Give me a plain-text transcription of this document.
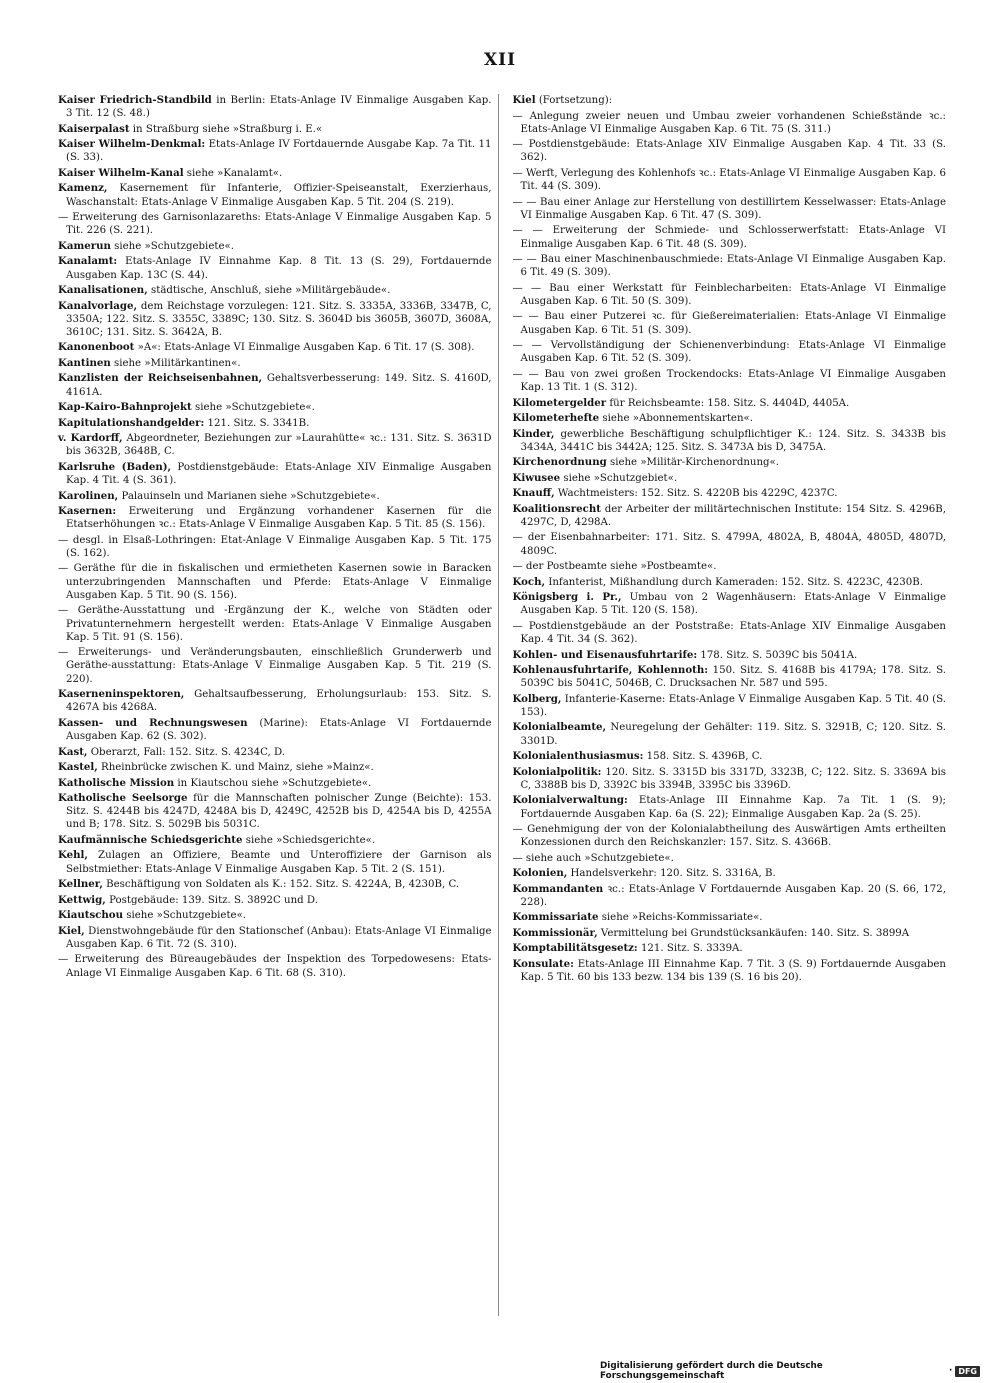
XII
Kaiser Friedrich-Standbild in Berlin: Etats-Anlage IV Einmalige Ausgaben Kap. 3 Tit. 12 (S. 48.)
Kaiserpalast in Straßburg siehe »Straßburg i. E.«
Kaiser Wilhelm-Denkmal: Etats-Anlage IV Fortdauernde Ausgabe Kap. 7a Tit. 11 (S. 33).
Kaiser Wilhelm-Kanal siehe »Kanalamt«.
Kamenz, Kasernement für Infanterie, Offizier-Speiseanstalt, Exerzierhaus, Waschanstalt: Etats-Anlage V Einmalige Ausgaben Kap. 5 Tit. 204 (S. 219).
— Erweiterung des Garnisonlazareths: Etats-Anlage V Einmalige Ausgaben Kap. 5 Tit. 226 (S. 221).
Kamerun siehe »Schutzgebiete«.
Kanalamt: Etats-Anlage IV Einnahme Kap. 8 Tit. 13 (S. 29), Fortdauernde Ausgaben Kap. 13C (S. 44).
Kanalisationen, städtische, Anschluß, siehe »Militärgebäude«.
Kanalvorlage, dem Reichstage vorzulegen: 121. Sitz. S. 3335A, 3336B, 3347B, C, 3350A; 122. Sitz. S. 3355C, 3389C; 130. Sitz. S. 3604D bis 3605B, 3607D, 3608A, 3610C; 131. Sitz. S. 3642A, B.
Kanonenboot »A«: Etats-Anlage VI Einmalige Ausgaben Kap. 6 Tit. 17 (S. 308).
Kantinen siehe »Militärkantinen«.
Kanzlisten der Reichseisenbahnen, Gehaltsverbesserung: 149. Sitz. S. 4160D, 4161A.
Kap-Kairo-Bahnprojekt siehe »Schutzgebiete«.
Kapitulationshandgelder: 121. Sitz. S. 3341B.
v. Kardorff, Abgeordneter, Beziehungen zur »Laurahütte« ꝛc.: 131. Sitz. S. 3631D bis 3632B, 3648B, C.
Karlsruhe (Baden), Postdienstgebäude: Etats-Anlage XIV Einmalige Ausgaben Kap. 4 Tit. 4 (S. 361).
Karolinen, Palauinseln und Marianen siehe »Schutzgebiete«.
Kasernen: Erweiterung und Ergänzung vorhandener Kasernen für die Etatserhöhungen ꝛc.: Etats-Anlage V Einmalige Ausgaben Kap. 5 Tit. 85 (S. 156).
— desgl. in Elsaß-Lothringen: Etat-Anlage V Einmalige Ausgaben Kap. 5 Tit. 175 (S. 162).
— Geräthe für die in fiskalischen und ermietheten Kasernen sowie in Baracken unterzubringenden Mannschaften und Pferde: Etats-Anlage V Einmalige Ausgaben Kap. 5 Tit. 90 (S. 156).
— Geräthe-Ausstattung und -Ergänzung der K., welche von Städten oder Privatunternehmern hergestellt werden: Etats-Anlage V Einmalige Ausgaben Kap. 5 Tit. 91 (S. 156).
— Erweiterungs- und Veränderungsbauten, einschließlich Grunderwerb und Geräthe-ausstattung: Etats-Anlage V Einmalige Ausgaben Kap. 5 Tit. 219 (S. 220).
Kaserneninspektoren, Gehaltsaufbesserung, Erholungsurlaub: 153. Sitz. S. 4267A bis 4268A.
Kassen- und Rechnungswesen (Marine): Etats-Anlage VI Fortdauernde Ausgaben Kap. 62 (S. 302).
Kast, Oberarzt, Fall: 152. Sitz. S. 4234C, D.
Kastel, Rheinbrücke zwischen K. und Mainz, siehe »Mainz«.
Katholische Mission in Kiautschou siehe »Schutzgebiete«.
Katholische Seelsorge für die Mannschaften polnischer Zunge (Beichte): 153. Sitz. S. 4244B bis 4247D, 4248A bis D, 4249C, 4252B bis D, 4254A bis D, 4255A und B; 178. Sitz. S. 5029B bis 5031C.
Kaufmännische Schiedsgerichte siehe »Schiedsgerichte«.
Kehl, Zulagen an Offiziere, Beamte und Unteroffiziere der Garnison als Selbstmiether: Etats-Anlage V Einmalige Ausgaben Kap. 5 Tit. 2 (S. 151).
Kellner, Beschäftigung von Soldaten als K.: 152. Sitz. S. 4224A, B, 4230B, C.
Kettwig, Postgebäude: 139. Sitz. S. 3892C und D.
Kiautschou siehe »Schutzgebiete«.
Kiel, Dienstwohngebäude für den Stationschef (Anbau): Etats-Anlage VI Einmalige Ausgaben Kap. 6 Tit. 72 (S. 310).
— Erweiterung des Büreaugebäudes der Inspektion des Torpedowesens: Etats-Anlage VI Einmalige Ausgaben Kap. 6 Tit. 68 (S. 310).
Kiel (Fortsetzung):
— Anlegung zweier neuen und Umbau zweier vorhandenen Schießstände ꝛc.: Etats-Anlage VI Einmalige Ausgaben Kap. 6 Tit. 75 (S. 311.)
— Postdienstgebäude: Etats-Anlage XIV Einmalige Ausgaben Kap. 4 Tit. 33 (S. 362).
— Werft, Verlegung des Kohlenhofs ꝛc.: Etats-Anlage VI Einmalige Ausgaben Kap. 6 Tit. 44 (S. 309).
— — Bau einer Anlage zur Herstellung von destillirtem Kesselwasser: Etats-Anlage VI Einmalige Ausgaben Kap. 6 Tit. 47 (S. 309).
— — Erweiterung der Schmiede- und Schlosserwerfstatt: Etats-Anlage VI Einmalige Ausgaben Kap. 6 Tit. 48 (S. 309).
— — Bau einer Maschinenbauschmiede: Etats-Anlage VI Einmalige Ausgaben Kap. 6 Tit. 49 (S. 309).
— — Bau einer Werkstatt für Feinblecharbeiten: Etats-Anlage VI Einmalige Ausgaben Kap. 6 Tit. 50 (S. 309).
— — Bau einer Putzerei ꝛc. für Gießereimaterialien: Etats-Anlage VI Einmalige Ausgaben Kap. 6 Tit. 51 (S. 309).
— — Vervollständigung der Schienenverbindung: Etats-Anlage VI Einmalige Ausgaben Kap. 6 Tit. 52 (S. 309).
— — Bau von zwei großen Trockendocks: Etats-Anlage VI Einmalige Ausgaben Kap. 13 Tit. 1 (S. 312).
Kilometergelder für Reichsbeamte: 158. Sitz. S. 4404D, 4405A.
Kilometerhefte siehe »Abonnementskarten«.
Kinder, gewerbliche Beschäftigung schulpflichtiger K.: 124. Sitz. S. 3433B bis 3434A, 3441C bis 3442A; 125. Sitz. S. 3473A bis D, 3475A.
Kirchenordnung siehe »Militär-Kirchenordnung«.
Kiwusee siehe »Schutzgebiet«.
Knauff, Wachtmeisters: 152. Sitz. S. 4220B bis 4229C, 4237C.
Koalitionsrecht der Arbeiter der militärtechnischen Institute: 154 Sitz. S. 4296B, 4297C, D, 4298A.
— der Eisenbahnarbeiter: 171. Sitz. S. 4799A, 4802A, B, 4804A, 4805D, 4807D, 4809C.
— der Postbeamte siehe »Postbeamte«.
Koch, Infanterist, Mißhandlung durch Kameraden: 152. Sitz. S. 4223C, 4230B.
Königsberg i. Pr., Umbau von 2 Wagenhäusern: Etats-Anlage V Einmalige Ausgaben Kap. 5 Tit. 120 (S. 158).
— Postdienstgebäude an der Poststraße: Etats-Anlage XIV Einmalige Ausgaben Kap. 4 Tit. 34 (S. 362).
Kohlen- und Eisenausfuhrtarife: 178. Sitz. S. 5039C bis 5041A.
Kohlenausfuhrtarife, Kohlennoth: 150. Sitz. S. 4168B bis 4179A; 178. Sitz. S. 5039C bis 5041C, 5046B, C. Drucksachen Nr. 587 und 595.
Kolberg, Infanterie-Kaserne: Etats-Anlage V Einmalige Ausgaben Kap. 5 Tit. 40 (S. 153).
Kolonialbeamte, Neuregelung der Gehälter: 119. Sitz. S. 3291B, C; 120. Sitz. S. 3301D.
Kolonialenthusiasmus: 158. Sitz. S. 4396B, C.
Kolonialpolitik: 120. Sitz. S. 3315D bis 3317D, 3323B, C; 122. Sitz. S. 3369A bis C, 3388B bis D, 3392C bis 3394B, 3395C bis 3396D.
Kolonialverwaltung: Etats-Anlage III Einnahme Kap. 7a Tit. 1 (S. 9); Fortdauernde Ausgaben Kap. 6a (S. 22); Einmalige Ausgaben Kap. 2a (S. 25).
— Genehmigung der von der Kolonialabtheilung des Auswärtigen Amts ertheilten Konzessionen durch den Reichskanzler: 157. Sitz. S. 4366B.
— siehe auch »Schutzgebiete«.
Kolonien, Handelsverkehr: 120. Sitz. S. 3316A, B.
Kommandanten ꝛc.: Etats-Anlage V Fortdauernde Ausgaben Kap. 20 (S. 66, 172, 228).
Kommissariate siehe »Reichs-Kommissariate«.
Kommissionär, Vermittelung bei Grundstücksankäufen: 140. Sitz. S. 3899A
Komptabilitätsgesetz: 121. Sitz. S. 3339A.
Konsulate: Etats-Anlage III Einnahme Kap. 7 Tit. 3 (S. 9) Fortdauernde Ausgaben Kap. 5 Tit. 60 bis 133 bezw. 134 bis 139 (S. 16 bis 20).
Digitalisierung gefördert durch die Deutsche Forschungsgemeinschaft	· DFG
